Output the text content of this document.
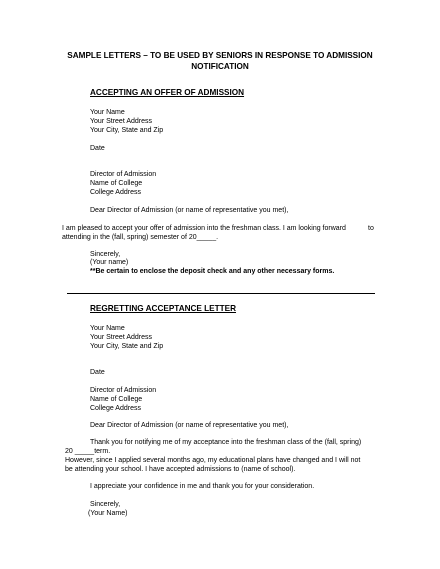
SAMPLE LETTERS – TO BE USED BY SENIORS IN RESPONSE TO ADMISSION
NOTIFICATION
ACCEPTING AN OFFER OF ADMISSION
Your Name
Your Street Address
Your City, State and Zip
Date
Director of Admission
Name of College
College Address
Dear Director of Admission (or name of representative you met),
I am pleased to accept your offer of admission into the freshman class. I am looking forward	to
attending in the (fall, spring) semester of 20_____.
Sincerely,
(Your name)
**Be certain to enclose the deposit check and any other necessary forms.
REGRETTING ACCEPTANCE LETTER
Your Name
Your Street Address
Your City, State and Zip
Date
Director of Admission
Name of College
College Address
Dear Director of Admission (or name of representative you met),
Thank you for notifying me of my acceptance into the freshman class of the (fall, spring)
20 _____term.
However, since I applied several months ago, my educational plans have changed and I will not
be attending your school. I have accepted admissions to (name of school).
I appreciate your confidence in me and thank you for your consideration.
Sincerely,
(Your Name)
